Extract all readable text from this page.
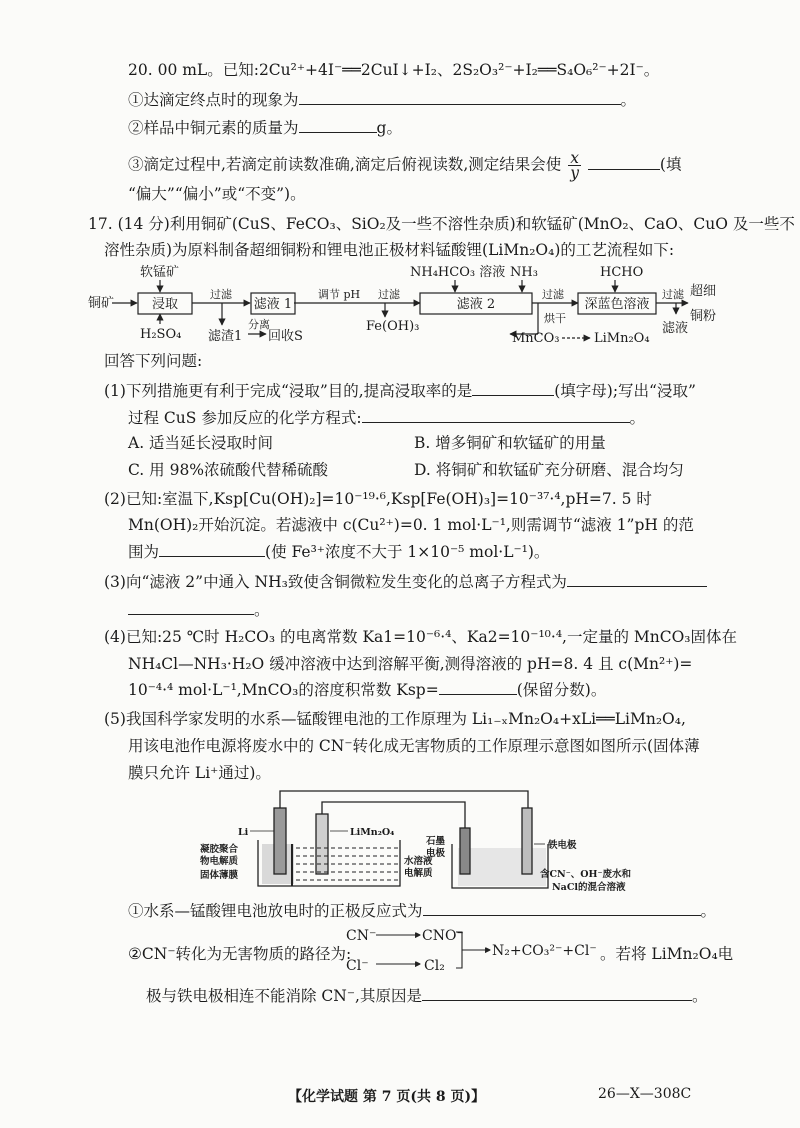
20. 00 mL。已知:2Cu²⁺+4I⁻══2CuI↓+I₂、2S₂O₃²⁻+I₂══S₄O₆²⁻+2I⁻。
①达滴定终点时的现象为	。
②样品中铜元素的质量为	g。
③滴定过程中,若滴定前读数准确,滴定后俯视读数,测定结果会使 $\frac{x}{y}$	(填
“偏大”“偏小”或“不变”)。
17. (14 分)利用铜矿(CuS、FeCO₃、SiO₂及一些不溶性杂质)和软锰矿(MnO₂、CaO、CuO 及一些不
溶性杂质)为原料制备超细铜粉和锂电池正极材料锰酸锂(LiMn₂O₄)的工艺流程如下:
铜矿
软锰矿
浸取
H₂SO₄
过滤
滤渣1
分离
回收S
滤液 1
调节 pH 过滤
Fe(OH)₃
NH₄HCO₃ 溶液 NH₃
滤液 2
过滤
烘干
MnCO₃	LiMn₂O₄
HCHO
深蓝色溶液
过滤 超细
铜粉
滤液
回答下列问题:
(1)下列措施更有利于完成“浸取”目的,提高浸取率的是	(填字母);写出“浸取”
过程 CuS 参加反应的化学方程式:	。
A. 适当延长浸取时间	B. 增多铜矿和软锰矿的用量
C. 用 98%浓硫酸代替稀硫酸	D. 将铜矿和软锰矿充分研磨、混合均匀
(2)已知:室温下,Ksp[Cu(OH)₂]=10⁻¹⁹·⁶,Ksp[Fe(OH)₃]=10⁻³⁷·⁴,pH=7. 5 时
Mn(OH)₂开始沉淀。若滤液中 c(Cu²⁺)=0. 1 mol·L⁻¹,则需调节“滤液 1”pH 的范
围为	(使 Fe³⁺浓度不大于 1×10⁻⁵ mol·L⁻¹)。
(3)向“滤液 2”中通入 NH₃致使含铜微粒发生变化的总离子方程式为
。
(4)已知:25 ℃时 H₂CO₃ 的电离常数 Ka1=10⁻⁶·⁴、Ka2=10⁻¹⁰·⁴,一定量的 MnCO₃固体在
NH₄Cl—NH₃·H₂O 缓冲溶液中达到溶解平衡,测得溶液的 pH=8. 4 且 c(Mn²⁺)=
10⁻⁴·⁴ mol·L⁻¹,MnCO₃的溶度积常数 Ksp=	(保留分数)。
(5)我国科学家发明的水系—锰酸锂电池的工作原理为 Li₁₋ₓMn₂O₄+xLi══LiMn₂O₄,
用该电池作电源将废水中的 CN⁻转化成无害物质的工作原理示意图如图所示(固体薄
膜只允许 Li⁺通过)。
Li	LiMn₂O₄
凝胶聚合
物电解质
固体薄膜
水溶液
电解质
石墨
电极
铁电极
含CN⁻、OH⁻废水和
NaCl的混合溶液
①水系—锰酸锂电池放电时的正极反应式为	。
②CN⁻转化为无害物质的路径为:
CN⁻	CNO⁻
Cl⁻	Cl₂
N₂+CO₃²⁻+Cl⁻ 。若将 LiMn₂O₄电
极与铁电极相连不能消除 CN⁻,其原因是	。
【化学试题 第 7 页(共 8 页)】	26—X—308C
